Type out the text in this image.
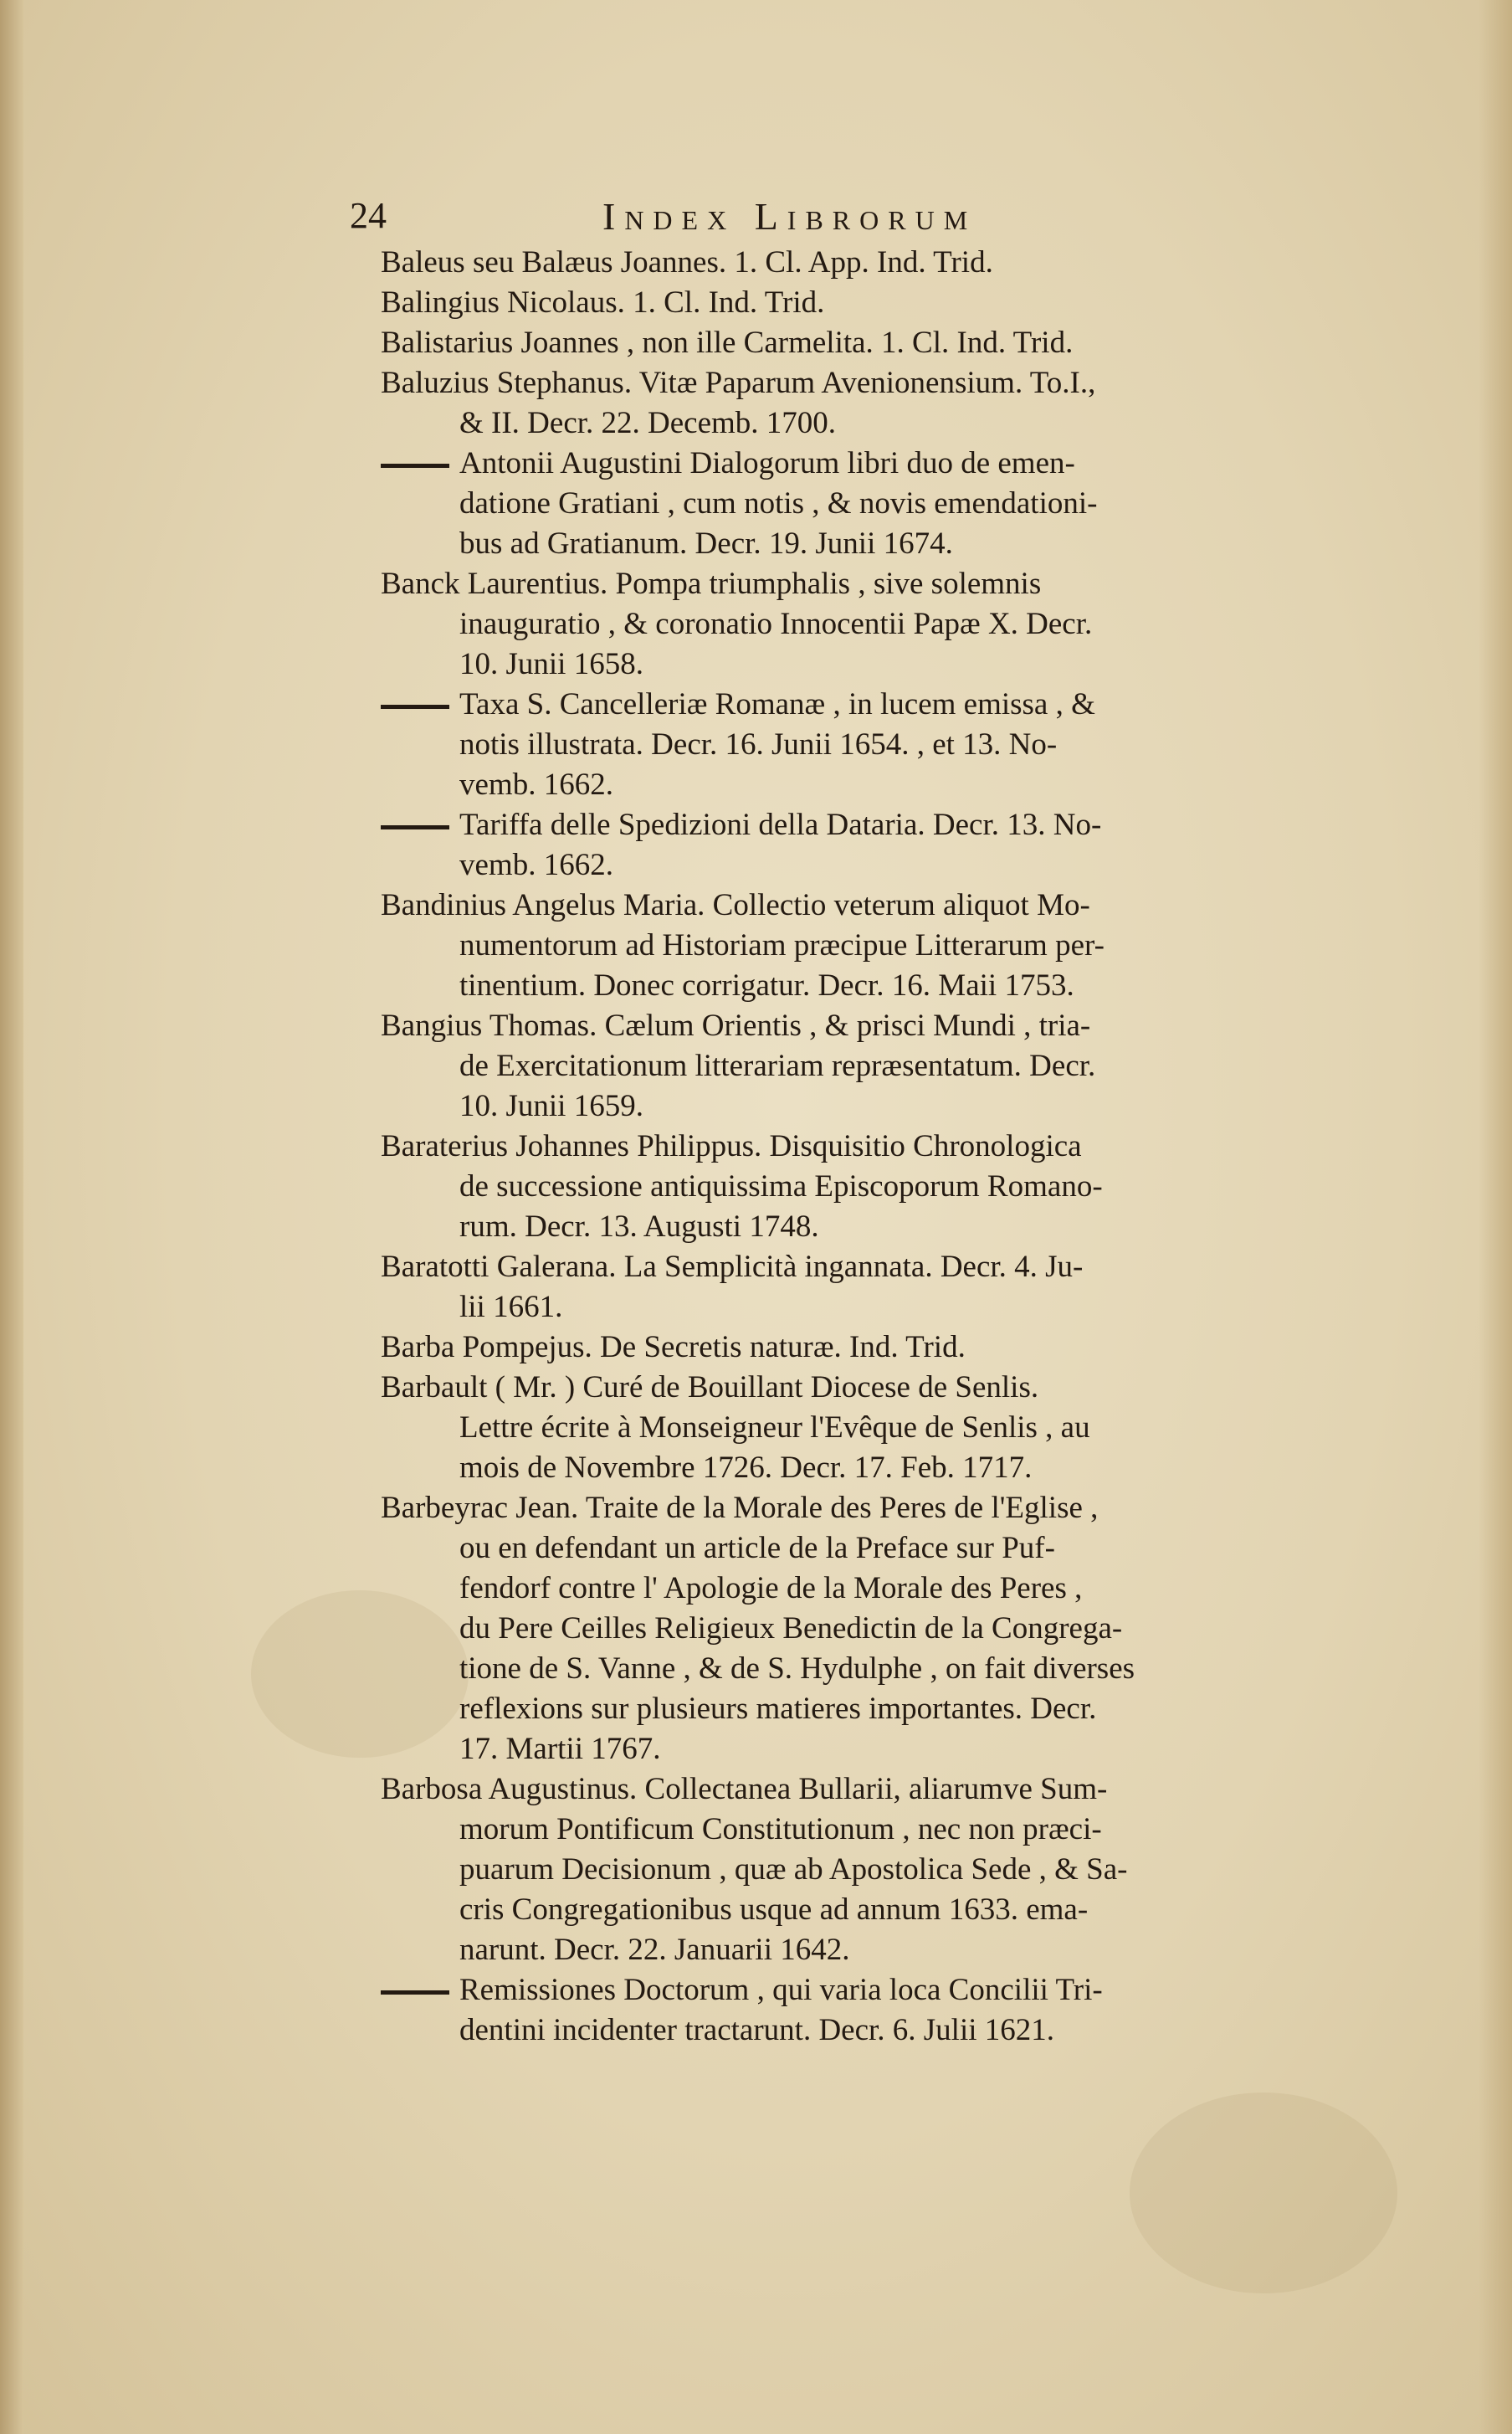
24	Index Librorum
Baleus seu Balæus Joannes. 1. Cl. App. Ind. Trid.
Balingius Nicolaus. 1. Cl. Ind. Trid.
Balistarius Joannes , non ille Carmelita. 1. Cl. Ind. Trid.
Baluzius Stephanus. Vitæ Paparum Avenionensium. To.I.,
& II. Decr. 22. Decemb. 1700.
Antonii Augustini Dialogorum libri duo de emen-
datione Gratiani , cum notis , & novis emendationi-
bus ad Gratianum. Decr. 19. Junii 1674.
Banck Laurentius. Pompa triumphalis , sive solemnis
inauguratio , & coronatio Innocentii Papæ X. Decr.
10. Junii 1658.
Taxa S. Cancelleriæ Romanæ , in lucem emissa , &
notis illustrata. Decr. 16. Junii 1654. , et 13. No-
vemb. 1662.
Tariffa delle Spedizioni della Dataria. Decr. 13. No-
vemb. 1662.
Bandinius Angelus Maria. Collectio veterum aliquot Mo-
numentorum ad Historiam præcipue Litterarum per-
tinentium. Donec corrigatur. Decr. 16. Maii 1753.
Bangius Thomas. Cælum Orientis , & prisci Mundi , tria-
de Exercitationum litterariam repræsentatum. Decr.
10. Junii 1659.
Baraterius Johannes Philippus. Disquisitio Chronologica
de successione antiquissima Episcoporum Romano-
rum. Decr. 13. Augusti 1748.
Baratotti Galerana. La Semplicità ingannata. Decr. 4. Ju-
lii 1661.
Barba Pompejus. De Secretis naturæ. Ind. Trid.
Barbault ( Mr. ) Curé de Bouillant Diocese de Senlis.
Lettre écrite à Monseigneur l'Evêque de Senlis , au
mois de Novembre 1726. Decr. 17. Feb. 1717.
Barbeyrac Jean. Traite de la Morale des Peres de l'Eglise ,
ou en defendant un article de la Preface sur Puf-
fendorf contre l' Apologie de la Morale des Peres ,
du Pere Ceilles Religieux Benedictin de la Congrega-
tione de S. Vanne , & de S. Hydulphe , on fait diverses
reflexions sur plusieurs matieres importantes. Decr.
17. Martii 1767.
Barbosa Augustinus. Collectanea Bullarii, aliarumve Sum-
morum Pontificum Constitutionum , nec non præci-
puarum Decisionum , quæ ab Apostolica Sede , & Sa-
cris Congregationibus usque ad annum 1633. ema-
narunt. Decr. 22. Januarii 1642.
Remissiones Doctorum , qui varia loca Concilii Tri-
dentini incidenter tractarunt. Decr. 6. Julii 1621.
